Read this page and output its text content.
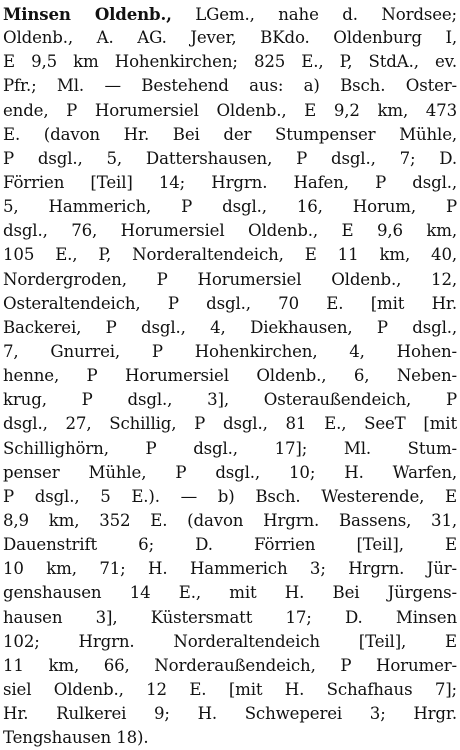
Minsen Oldenb., LGem., nahe d. Nordsee;
Oldenb., A. AG. Jever, BKdo. Oldenburg I,
E 9,5 km Hohenkirchen; 825 E., P, StdA., ev.
Pfr.; Ml. — Bestehend aus: a) Bsch. Oster-
ende, P Horumersiel Oldenb., E 9,2 km, 473
E. (davon Hr. Bei der Stumpenser Mühle,
P dsgl., 5, Dattershausen, P dsgl., 7; D.
Förrien [Teil] 14; Hrgrn. Hafen, P dsgl.,
5, Hammerich, P dsgl., 16, Horum, P
dsgl., 76, Horumersiel Oldenb., E 9,6 km,
105 E., P, Norderaltendeich, E 11 km, 40,
Nordergroden, P Horumersiel Oldenb., 12,
Osteraltendeich, P dsgl., 70 E. [mit Hr.
Backerei, P dsgl., 4, Diekhausen, P dsgl.,
7, Gnurrei, P Hohenkirchen, 4, Hohen-
henne, P Horumersiel Oldenb., 6, Neben-
krug, P dsgl., 3], Osteraußendeich, P
dsgl., 27, Schillig, P dsgl., 81 E., SeeT [mit
Schillighörn, P dsgl., 17]; Ml. Stum-
penser Mühle, P dsgl., 10; H. Warfen,
P dsgl., 5 E.). — b) Bsch. Westerende, E
8,9 km, 352 E. (davon Hrgrn. Bassens, 31,
Dauenstrift 6; D. Förrien [Teil], E
10 km, 71; H. Hammerich 3; Hrgrn. Jür-
genshausen 14 E., mit H. Bei Jürgens-
hausen 3], Küstersmatt 17; D. Minsen
102; Hrgrn. Norderaltendeich [Teil], E
11 km, 66, Norderaußendeich, P Horumer-
siel Oldenb., 12 E. [mit H. Schafhaus 7];
Hr. Rulkerei 9; H. Schweperei 3; Hrgr.
Tengshausen 18).
